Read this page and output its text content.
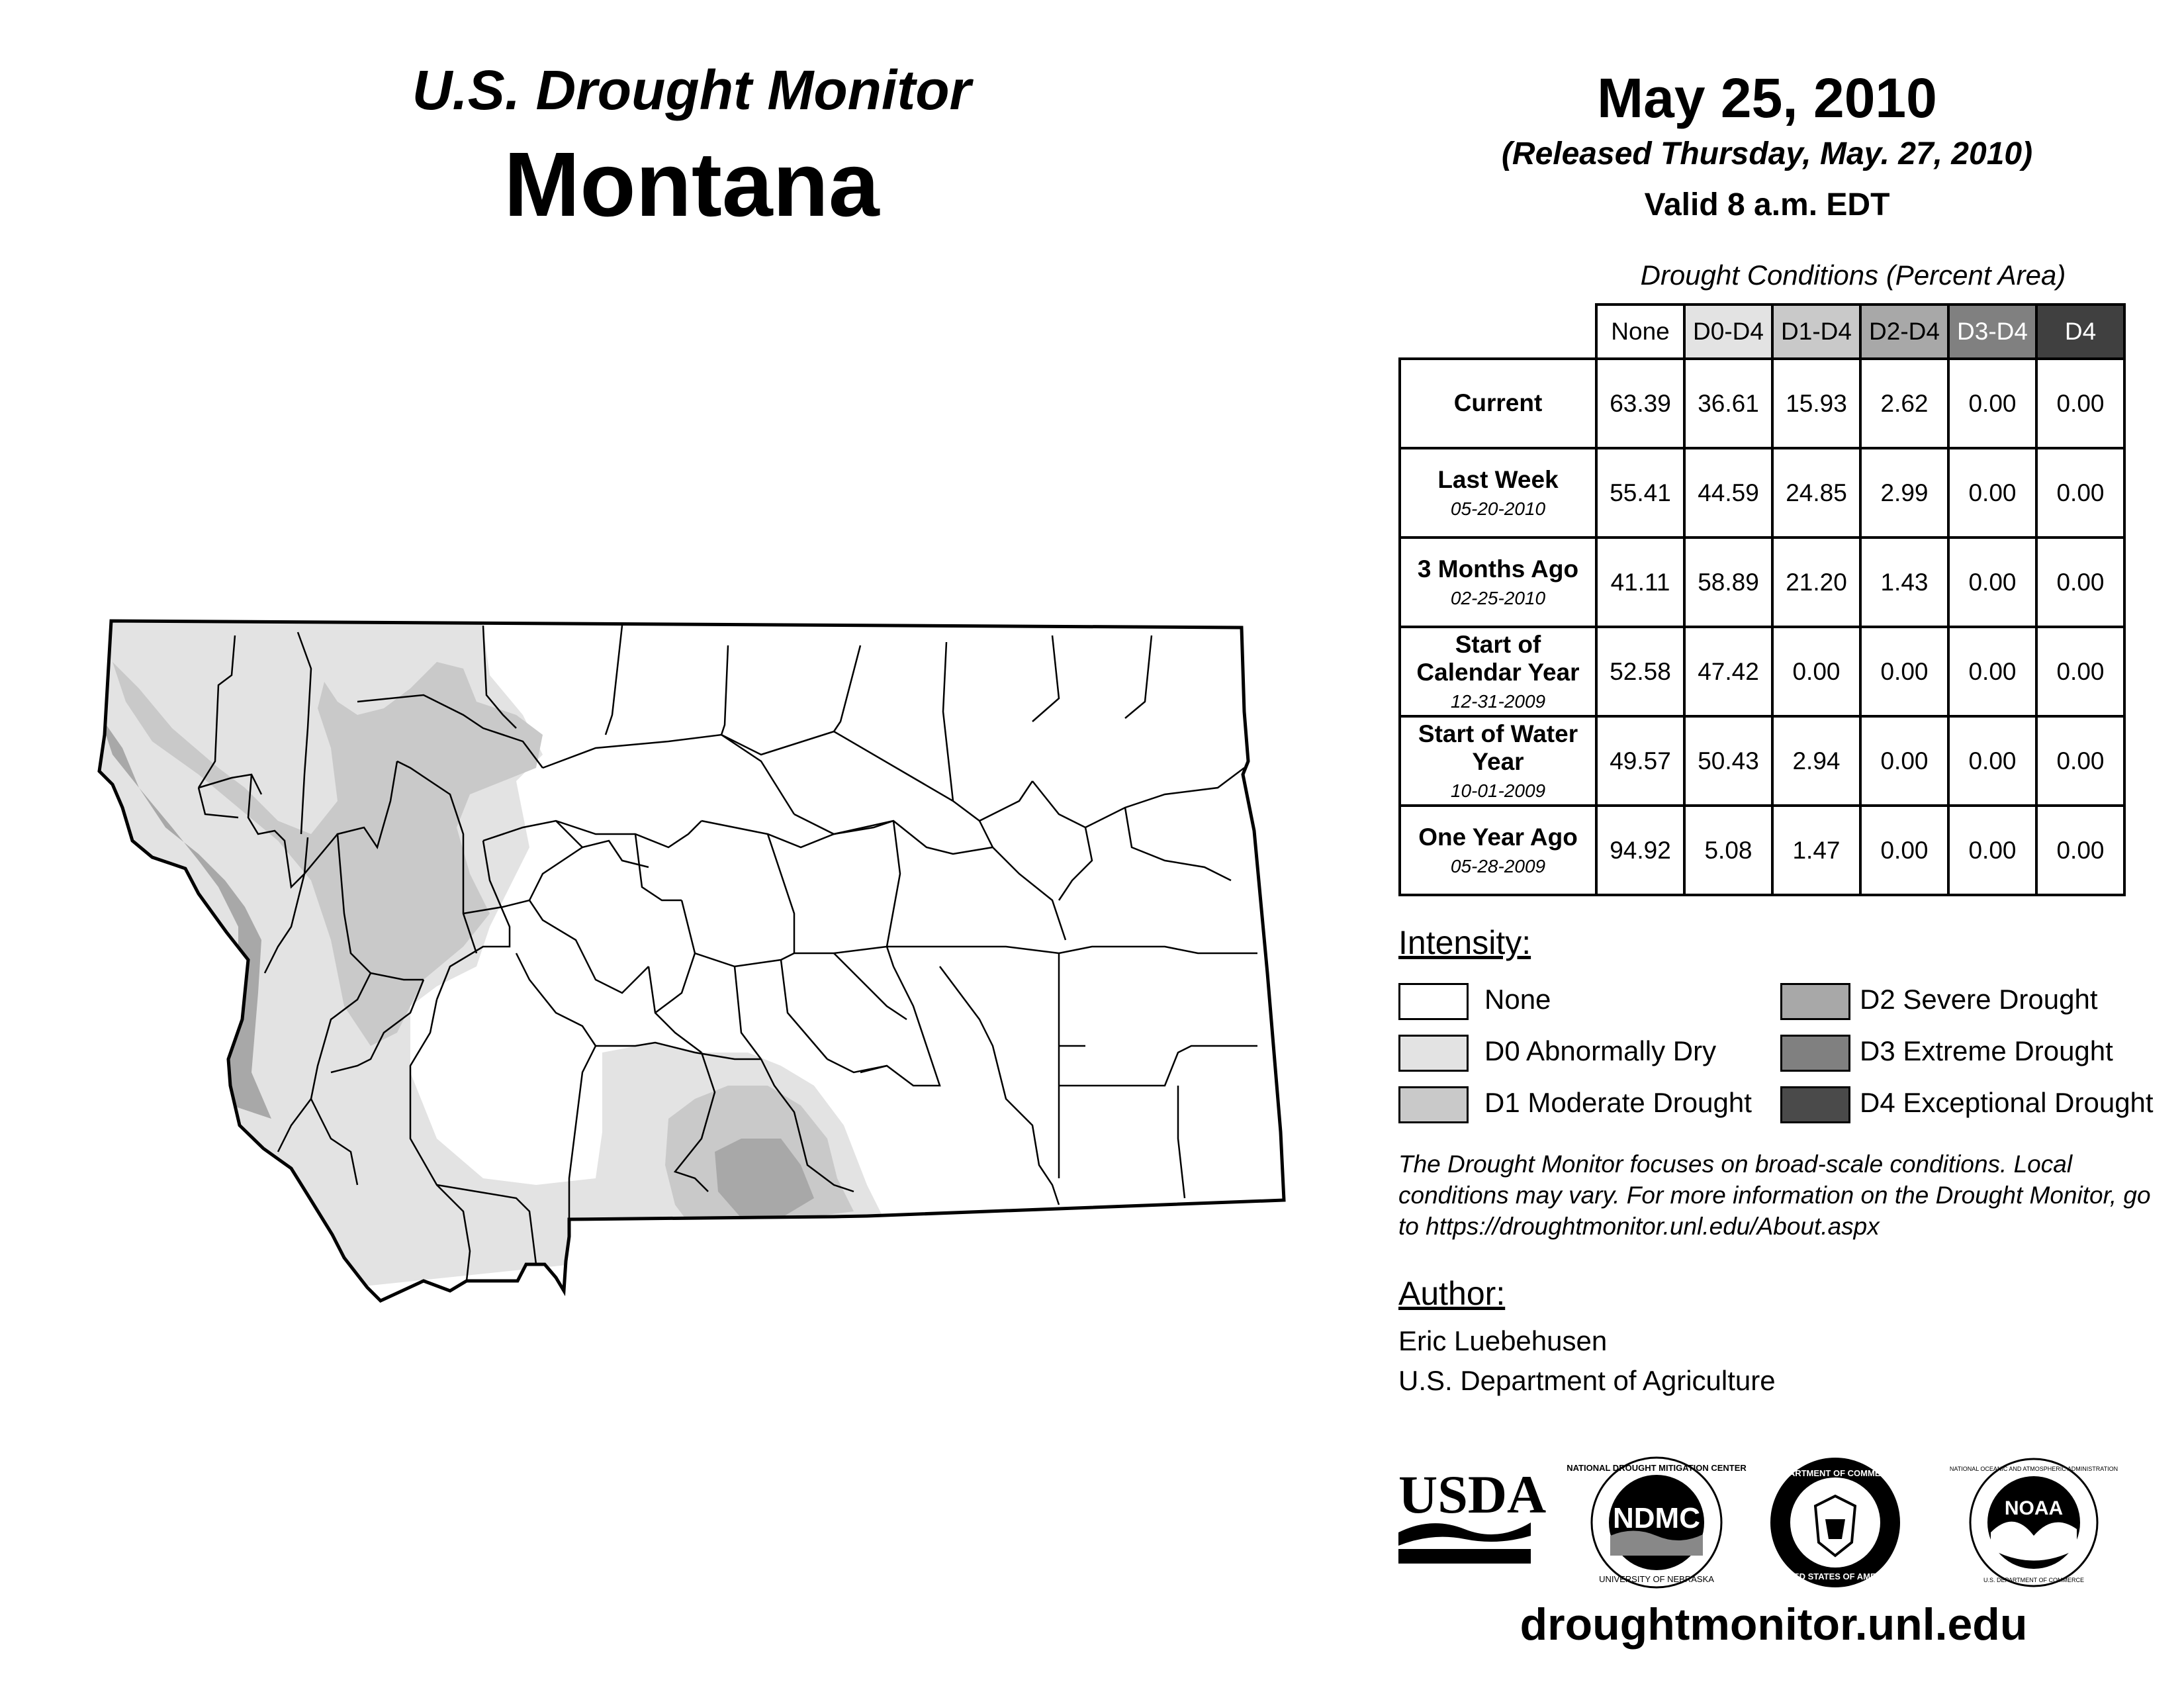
U.S. Drought Monitor
Montana
May 25, 2010
(Released Thursday, May. 27, 2010)
Valid 8 a.m. EDT
Drought Conditions (Percent Area)
	None	D0-D4	D1-D4	D2-D4	D3-D4	D4
Current	63.39	36.61	15.93	2.62	0.00	0.00
Last Week
05-20-2010	55.41	44.59	24.85	2.99	0.00	0.00
3 Months Ago
02-25-2010	41.11	58.89	21.20	1.43	0.00	0.00
Start of Calendar Year
12-31-2009	52.58	47.42	0.00	0.00	0.00	0.00
Start of Water Year
10-01-2009	49.57	50.43	2.94	0.00	0.00	0.00
One Year Ago
05-28-2009	94.92	5.08	1.47	0.00	0.00	0.00
Intensity:
None
D0 Abnormally Dry
D1 Moderate Drought
D2 Severe Drought
D3 Extreme Drought
D4 Exceptional Drought
The Drought Monitor focuses on broad-scale conditions. Local conditions may vary. For more information on the Drought Monitor, go to https://droughtmonitor.unl.edu/About.aspx
Author:
Eric Luebehusen
U.S. Department of Agriculture
USDA NDMC
NATIONAL DROUGHT MITIGATION CENTER
UNIVERSITY OF NEBRASKA
DEPARTMENT OF COMMERCE
UNITED STATES OF AMERICA
NOAA
NATIONAL OCEANIC AND ATMOSPHERIC ADMINISTRATION
U.S. DEPARTMENT OF COMMERCE
droughtmonitor.unl.edu
